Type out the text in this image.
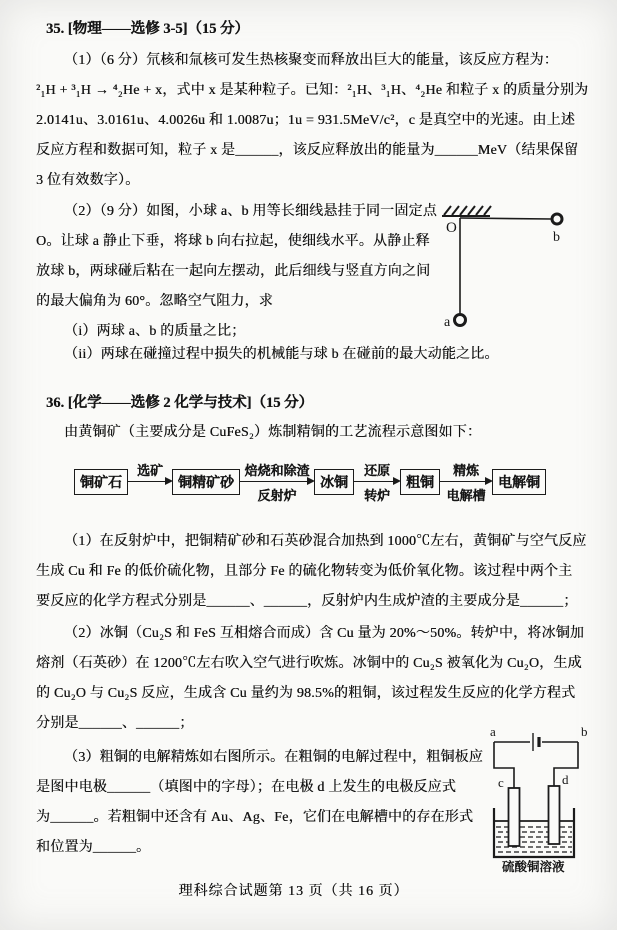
35. [物理——选修 3-5]（15 分）
（1）（6 分）氘核和氚核可发生热核聚变而释放出巨大的能量，该反应方程为：
²₁H + ³₁H → ⁴₂He + x，式中 x 是某种粒子。已知：²₁H、³₁H、⁴₂He 和粒子 x 的质量分别为
2.0141u、3.0161u、4.0026u 和 1.0087u；1u = 931.5MeV/c²，c 是真空中的光速。由上述
反应方程和数据可知，粒子 x 是______，该反应释放出的能量为______MeV（结果保留
3 位有效数字）。
（2）（9 分）如图，小球 a、b 用等长细线悬挂于同一固定点
O。让球 a 静止下垂，将球 b 向右拉起，使细线水平。从静止释
放球 b，两球碰后粘在一起向左摆动，此后细线与竖直方向之间
的最大偏角为 60°。忽略空气阻力，求
（i）两球 a、b 的质量之比；
（ii）两球在碰撞过程中损失的机械能与球 b 在碰前的最大动能之比。
O
b
a
36. [化学——选修 2 化学与技术]（15 分）
由黄铜矿（主要成分是 CuFeS₂）炼制精铜的工艺流程示意图如下：
铜矿石
选矿
铜精矿砂
焙烧和除渣
反射炉
冰铜
还原
转炉
粗铜
精炼
电解槽
电解铜
（1）在反射炉中，把铜精矿砂和石英砂混合加热到 1000℃左右，黄铜矿与空气反应
生成 Cu 和 Fe 的低价硫化物，且部分 Fe 的硫化物转变为低价氧化物。该过程中两个主
要反应的化学方程式分别是______、______，反射炉内生成炉渣的主要成分是______；
（2）冰铜（Cu₂S 和 FeS 互相熔合而成）含 Cu 量为 20%～50%。转炉中，将冰铜加
熔剂（石英砂）在 1200℃左右吹入空气进行吹炼。冰铜中的 Cu₂S 被氧化为 Cu₂O，生成
的 Cu₂O 与 Cu₂S 反应，生成含 Cu 量约为 98.5%的粗铜，该过程发生反应的化学方程式
分别是______、______；
（3）粗铜的电解精炼如右图所示。在粗铜的电解过程中，粗铜板应
是图中电极______（填图中的字母）；在电极 d 上发生的电极反应式
为______。若粗铜中还含有 Au、Ag、Fe，它们在电解槽中的存在形式
和位置为______。
a	b
c	d
硫酸铜溶液
理科综合试题第 13 页（共 16 页）
